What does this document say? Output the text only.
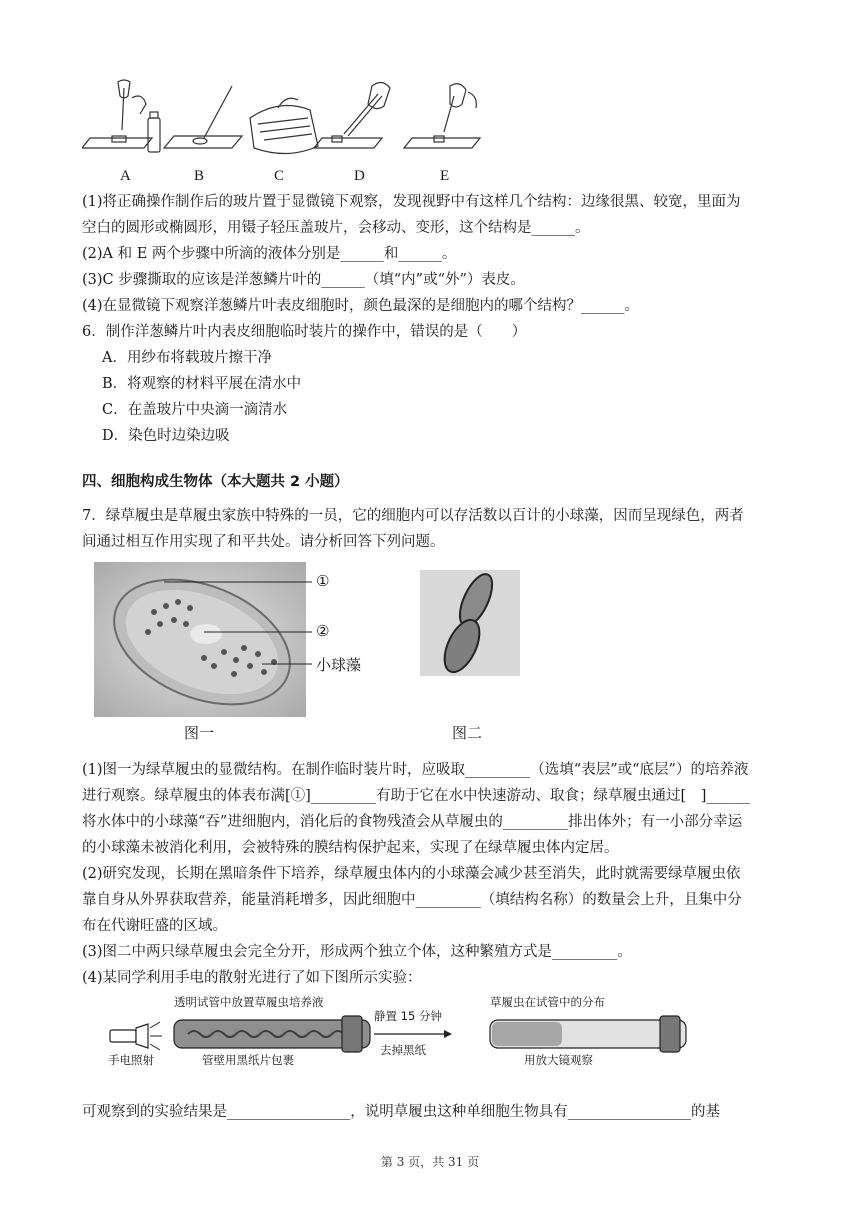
A	B	C	D	E
(1)将正确操作制作后的玻片置于显微镜下观察，发现视野中有这样几个结构：边缘很黑、较宽，里面为
空白的圆形或椭圆形，用镊子轻压盖玻片，会移动、变形，这个结构是______。
(2)A 和 E 两个步骤中所滴的液体分别是______和______。
(3)C 步骤撕取的应该是洋葱鳞片叶的______（填“内”或“外”）表皮。
(4)在显微镜下观察洋葱鳞片叶表皮细胞时，颜色最深的是细胞内的哪个结构？______。
6．制作洋葱鳞片叶内表皮细胞临时装片的操作中，错误的是（　　）
A．用纱布将载玻片擦干净
B．将观察的材料平展在清水中
C．在盖玻片中央滴一滴清水
D．染色时边染边吸
四、细胞构成生物体（本大题共 2 小题）
7．绿草履虫是草履虫家族中特殊的一员，它的细胞内可以存活数以百计的小球藻，因而呈现绿色，两者
间通过相互作用实现了和平共处。请分析回答下列问题。
①
②
小球藻
图一	图二
(1)图一为绿草履虫的显微结构。在制作临时装片时，应吸取_________（选填“表层”或“底层”）的培养液
进行观察。绿草履虫的体表布满[①]_________有助于它在水中快速游动、取食；绿草履虫通过[　]______
将水体中的小球藻“吞”进细胞内，消化后的食物残渣会从草履虫的_________排出体外；有一小部分幸运
的小球藻未被消化利用，会被特殊的膜结构保护起来，实现了在绿草履虫体内定居。
(2)研究发现，长期在黑暗条件下培养，绿草履虫体内的小球藻会减少甚至消失，此时就需要绿草履虫依
靠自身从外界获取营养，能量消耗增多，因此细胞中_________（填结构名称）的数量会上升，且集中分
布在代谢旺盛的区域。
(3)图二中两只绿草履虫会完全分开，形成两个独立个体，这种繁殖方式是_________。
(4)某同学利用手电的散射光进行了如下图所示实验：
透明试管中放置草履虫培养液	草履虫在试管中的分布
静置 15 分钟
去掉黑纸
手电照射	管壁用黑纸片包裹	用放大镜观察
可观察到的实验结果是_________________，说明草履虫这种单细胞生物具有_________________的基
第 3 页，共 31 页
